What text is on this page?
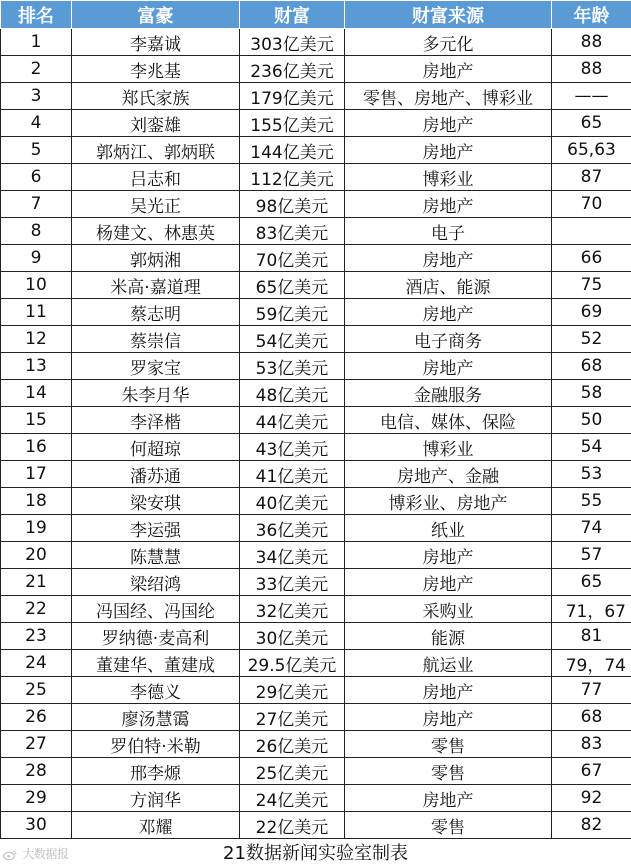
排名	富豪	财富	财富来源	年龄
1	李嘉诚	303亿美元	多元化	88
2	李兆基	236亿美元	房地产	88
3	郑氏家族	179亿美元	零售、房地产、博彩业	——
4	刘銮雄	155亿美元	房地产	65
5	郭炳江、郭炳联	144亿美元	房地产	65,63
6	吕志和	112亿美元	博彩业	87
7	吴光正	98亿美元	房地产	70
8	杨建文、林惠英	83亿美元	电子	
9	郭炳湘	70亿美元	房地产	66
10	米高·嘉道理	65亿美元	酒店、能源	75
11	蔡志明	59亿美元	房地产	69
12	蔡崇信	54亿美元	电子商务	52
13	罗家宝	53亿美元	房地产	68
14	朱李月华	48亿美元	金融服务	58
15	李泽楷	44亿美元	电信、媒体、保险	50
16	何超琼	43亿美元	博彩业	54
17	潘苏通	41亿美元	房地产、金融	53
18	梁安琪	40亿美元	博彩业、房地产	55
19	李运强	36亿美元	纸业	74
20	陈慧慧	34亿美元	房地产	57
21	梁绍鸿	33亿美元	房地产	65
22	冯国经、冯国纶	32亿美元	采购业	71，67
23	罗纳德·麦高利	30亿美元	能源	81
24	董建华、董建成	29.5亿美元	航运业	79，74
25	李德义	29亿美元	房地产	77
26	廖汤慧霭	27亿美元	房地产	68
27	罗伯特·米勒	26亿美元	零售	83
28	邢李㷧	25亿美元	零售	67
29	方润华	24亿美元	房地产	92
30	邓耀	22亿美元	零售	82
21数据新闻实验室制表
大数据报
